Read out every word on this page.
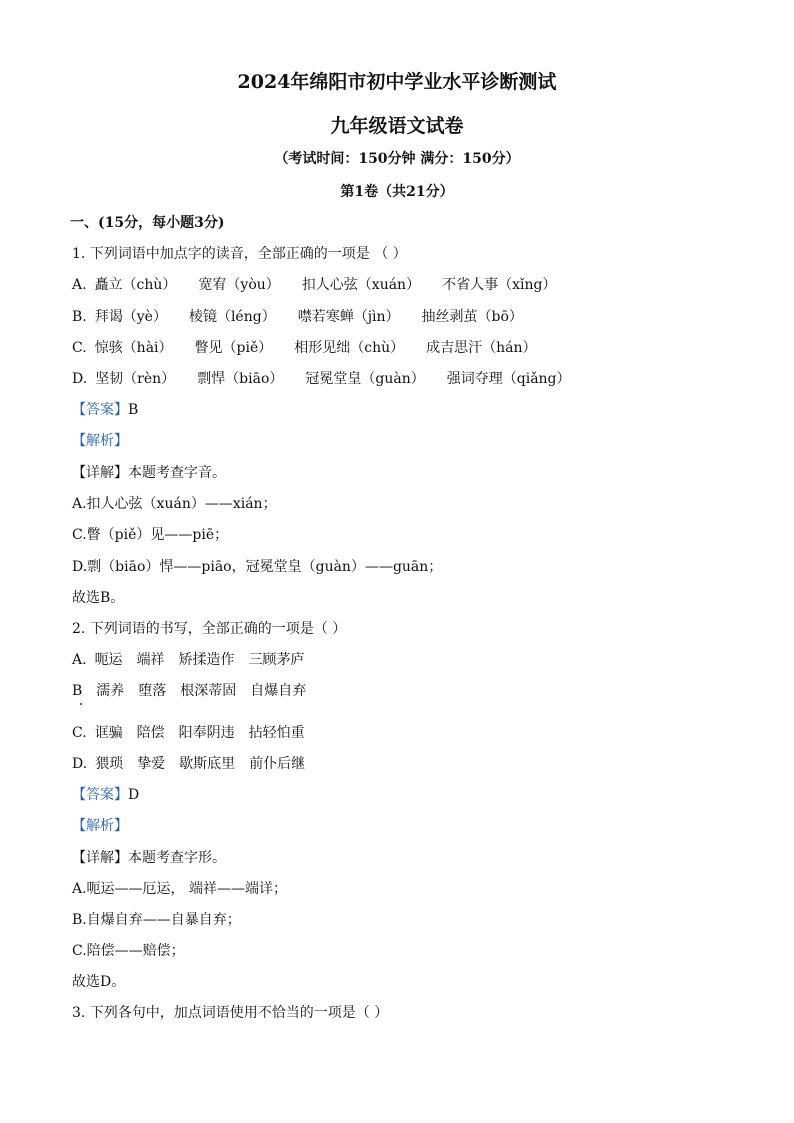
2024年绵阳市初中学业水平诊断测试
九年级语文试卷
（考试时间：150分钟 满分：150分）
第1卷（共21分）
一、(15分，每小题3分)
1. 下列词语中加点字的读音，全部正确的一项是 （ ）
A. 矗立（chù） 宽宥（yòu） 扣人心弦（xuán） 不省人事（xǐng）
B. 拜谒（yè） 棱镜（léng） 噤若寒蝉（jìn） 抽丝剥茧（bō）
C. 惊骇（hài） 瞥见（piě） 相形见绌（chù） 成吉思汗（hán）
D. 坚韧（rèn） 剽悍（biāo） 冠冕堂皇（guàn） 强词夺理（qiǎng）
【答案】B
【解析】
【详解】本题考查字音。
A.扣人心弦（xuán）——xián；
C.瞥（piě）见——piē；
D.剽（biāo）悍——piāo，冠冕堂皇（guàn）——guān；
故选B。
2. 下列词语的书写，全部正确的一项是（ ）
A. 呃运 端祥 矫揉造作 三顾茅庐
B 濡养 堕落 根深蒂固 自爆自弃
C. 诓骗 陪偿 阳奉阴违 拈轻怕重
D. 猥琐 挚爱 歇斯底里 前仆后继
【答案】D
【解析】
【详解】本题考查字形。
A.呃运——厄运， 端祥——端详；
B.自爆自弃——自暴自弃；
C.陪偿——赔偿；
故选D。
3. 下列各句中，加点词语使用不恰当的一项是（ ）
